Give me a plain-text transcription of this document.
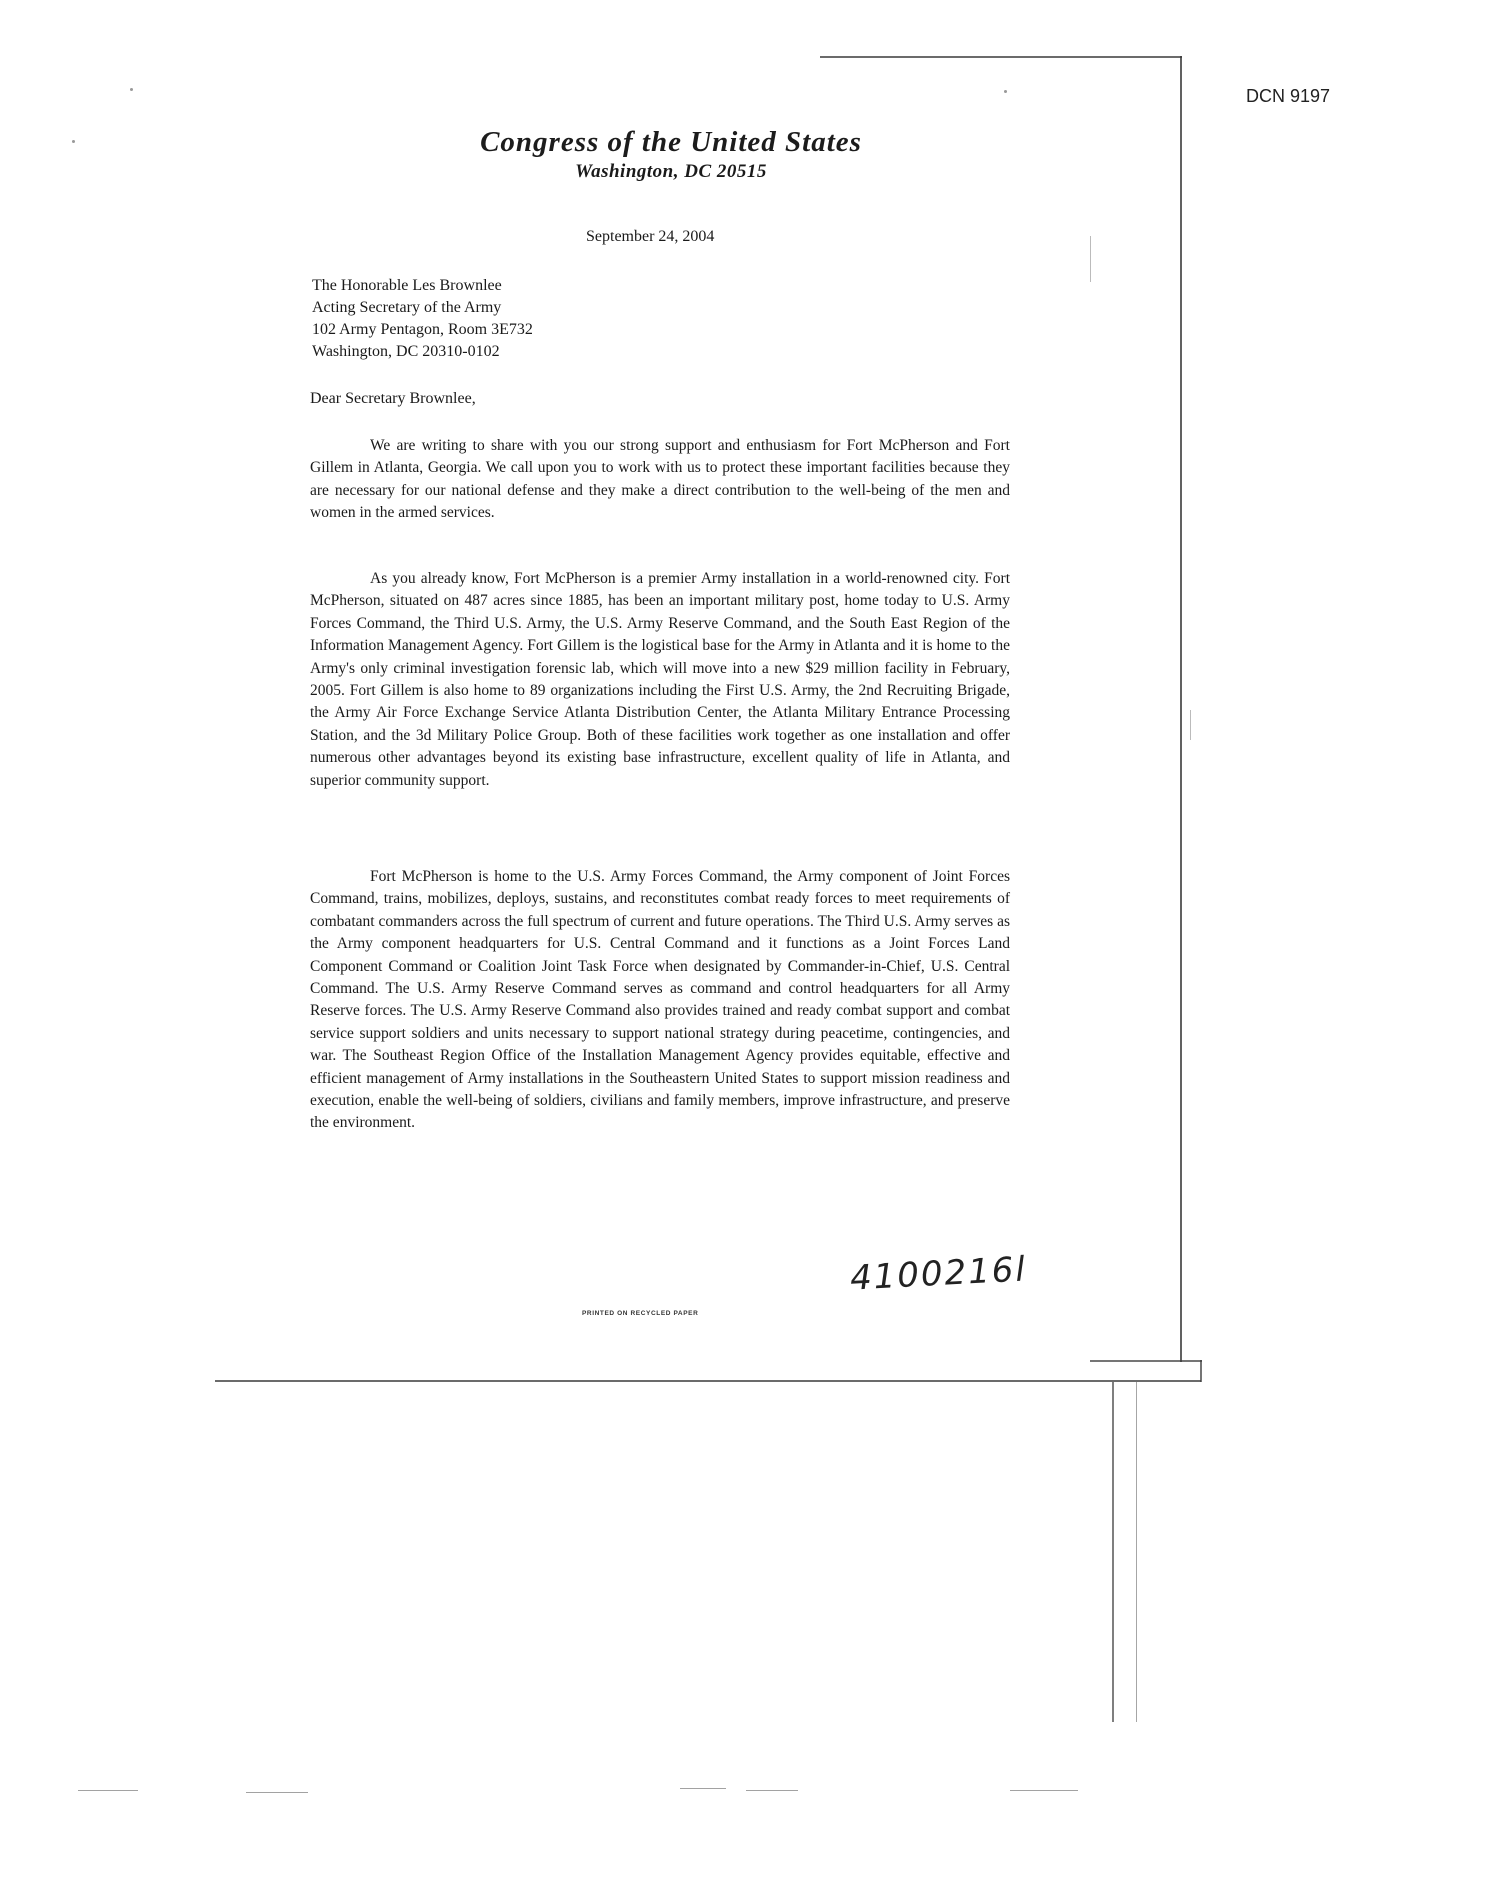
DCN 9197
Congress of the United States
Washington, DC 20515
September 24, 2004
The Honorable Les Brownlee
Acting Secretary of the Army
102 Army Pentagon, Room 3E732
Washington, DC 20310-0102
Dear Secretary Brownlee,

We are writing to share with you our strong support and enthusiasm for Fort McPherson and Fort Gillem in Atlanta, Georgia. We call upon you to work with us to protect these important facilities because they are necessary for our national defense and they make a direct contribution to the well-being of the men and women in the armed services.

As you already know, Fort McPherson is a premier Army installation in a world-renowned city. Fort McPherson, situated on 487 acres since 1885, has been an important military post, home today to U.S. Army Forces Command, the Third U.S. Army, the U.S. Army Reserve Command, and the South East Region of the Information Management Agency. Fort Gillem is the logistical base for the Army in Atlanta and it is home to the Army's only criminal investigation forensic lab, which will move into a new $29 million facility in February, 2005. Fort Gillem is also home to 89 organizations including the First U.S. Army, the 2nd Recruiting Brigade, the Army Air Force Exchange Service Atlanta Distribution Center, the Atlanta Military Entrance Processing Station, and the 3d Military Police Group. Both of these facilities work together as one installation and offer numerous other advantages beyond its existing base infrastructure, excellent quality of life in Atlanta, and superior community support.

Fort McPherson is home to the U.S. Army Forces Command, the Army component of Joint Forces Command, trains, mobilizes, deploys, sustains, and reconstitutes combat ready forces to meet requirements of combatant commanders across the full spectrum of current and future operations. The Third U.S. Army serves as the Army component headquarters for U.S. Central Command and it functions as a Joint Forces Land Component Command or Coalition Joint Task Force when designated by Commander-in-Chief, U.S. Central Command. The U.S. Army Reserve Command serves as command and control headquarters for all Army Reserve forces. The U.S. Army Reserve Command also provides trained and ready combat support and combat service support soldiers and units necessary to support national strategy during peacetime, contingencies, and war. The Southeast Region Office of the Installation Management Agency provides equitable, effective and efficient management of Army installations in the Southeastern United States to support mission readiness and execution, enable the well-being of soldiers, civilians and family members, improve infrastructure, and preserve the environment.

4100216l
PRINTED ON RECYCLED PAPER
